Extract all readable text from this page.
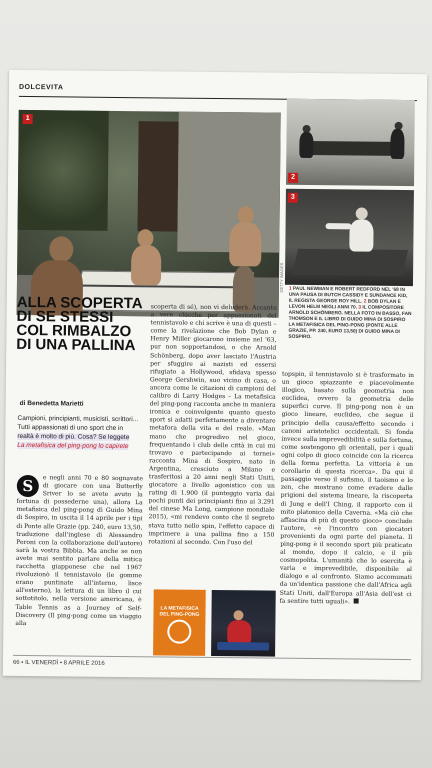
DOLCEVITA
1
GETTY IMAGES
2
3
1 PAUL NEWMAN E ROBERT REDFORD NEL '68 IN UNA PAUSA DI BUTCH CASSIDY E SUNDANCE KID, IL REGISTA GEORGE ROY HILL. 2 BOB DYLAN E LEVON HELM NEGLI ANNI 70. 3 IL COMPOSITORE ARNOLD SCHÖNBERG. NELLA FOTO IN BASSO, FAN THOMSON E IL LIBRO DI GUIDO MINA DI SOSPIRO LA METAFISICA DEL PING-PONG (PONTE ALLE GRAZIE, PP. 240, EURO 13,50) DI GUIDO MINA DI SOSPIRO.
ALLA SCOPERTA DI SE STESSI COL RIMBALZO DI UNA PALLINA
di Benedetta Marietti
Campioni, principianti, musicisti, scrittori...
Tutti appassionati di uno sport che in
realtà è molto di più. Cosa? Se leggete
La metafisica del ping-pong lo capirete
S	e negli anni 70 e 80 sognavate di giocare con una Butterfly Sriver lo se avete avuto la fortuna di possederne una), allora La metafisica del ping-pong di Guido Mina di Sospiro, in uscita il 14 aprile per i tipi di Ponte alle Grazie (pp. 240, euro 13,50, traduzione dall'inglese di Alessandro Peroni con la collaborazione dell'autore) sarà la vostra Bibbia. Ma anche se non avete mai sentito parlare della mitica racchetta giapponese che nel 1967 rivoluzionò il tennistavolo (le gomme erano puntinate all'interno, lisce all'esterno), la lettura di un libro il cui sottotitolo, nella versione americana, è Table Tennis as a Journey of Self-Discovery (Il ping-pong come un viaggio alla
scoperta di sé), non vi deluderà. Accanto a vere chicche per appassionati del tennistavolo e chi scrive è una di questi – come la rivelazione che Bob Dylan e Henry Miller giocarono insieme nel '63, pur non sopportandosi, o che Arnold Schönberg, dopo aver lasciato l'Austria per sfuggire ai nazisti ed essersi rifugiato a Hollywood, sfidava spesso George Gershwin, suo vicino di casa, o ancora come le citazioni di campioni del calibro di Larry Hodges – La metafisica del ping-pong racconta anche in maniera ironica e coinvolgente quanto questo sport si adatti perfettamente a diventare metafora della vita e del reale. «Man mano che progredivo nel gioco, frequentando i club delle città in cui mi trovavo e partecipando ai tornei» racconta Mina di Sospiro, nato in Argentina, cresciuto a Milano e trasferitosi a 20 anni negli Stati Uniti, giocatore a livello agonistico con un rating di 1.900 (il punteggio varia dai pochi punti dei principianti fino ai 3.291 del cinese Ma Long, campione mondiale 2015), «mi rendevo conto che il segreto stava tutto nello spin, l'effetto capace di imprimere a una pallina fino a 150 rotazioni al secondo. Con l'uso del
topspin, il tennistavolo si è trasformato in un gioco spiazzante e piacevolmente illogico, basato sulla geometria non euclidea, ovvero la geometria delle superfici curve. Il ping-pong non è un gioco lineare, euclideo, che segue il principio della causa/effetto secondo i canoni aristotelici occidentali. Si fonda invece sulla imprevedibilità e sulla fortuna, come sostengono gli orientali, per i quali ogni colpo di gioco coincide con la ricerca della forma perfetta. La vittoria è un corollario di questa ricerca». Da qui il passaggio verso il sufismo, il taoismo e lo zen, che mostrano come evadere dalle prigioni del sistema lineare, la riscoperta di Jung e dell'I Ching, il rapporto con il mito platonico della Caverna. «Ma ciò che affascina di più di questo gioco» conclude l'autore, «è l'incontro con giocatori provenienti da ogni parte del pianeta. Il ping-pong è il secondo sport più praticato al mondo, dopo il calcio, e il più cosmopolita. L'umanità che lo esercita è varia e imprevedibile, disponibile al dialogo e al confronto. Siamo accomunati da un'identica passione che dall'Africa agli Stati Uniti, dall'Europa all'Asia dell'est ci fa sentire tutti uguali».
LA METAFISICA DEL PING-PONG
66 • IL VENERDÌ • 8 APRILE 2016
